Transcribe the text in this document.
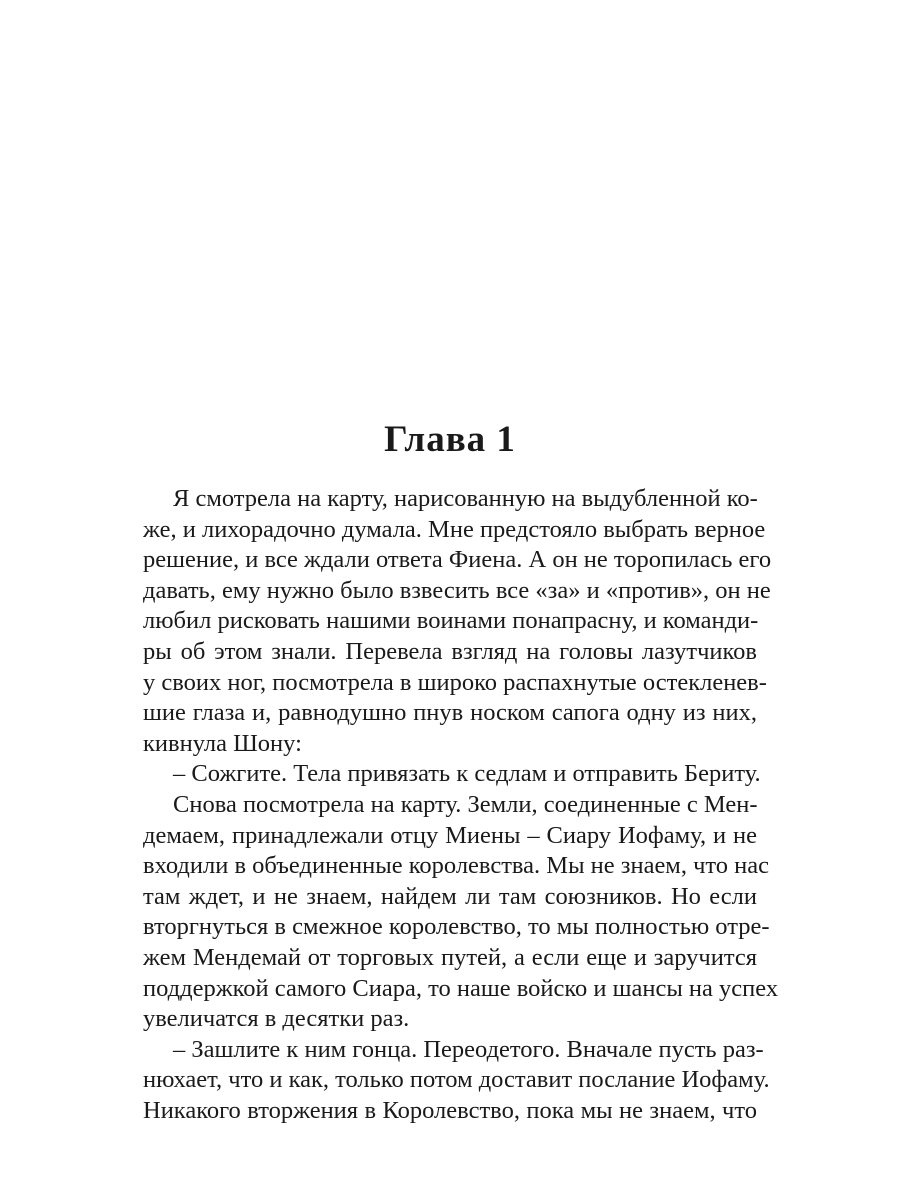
Глава 1
Я смотрела на карту, нарисованную на выдубленной ко-
же, и лихорадочно думала. Мне предстояло выбрать верное
решение, и все ждали ответа Фиена. А он не торопилась его
давать, ему нужно было взвесить все «за» и «против», он не
любил рисковать нашими воинами понапрасну, и команди-
ры об этом знали. Перевела взгляд на головы лазутчиков
у своих ног, посмотрела в широко распахнутые остекленев-
шие глаза и, равнодушно пнув носком сапога одну из них,
кивнула Шону:
– Сожгите. Тела привязать к седлам и отправить Бериту.
Снова посмотрела на карту. Земли, соединенные с Мен-
демаем, принадлежали отцу Миены – Сиару Иофаму, и не
входили в объединенные королевства. Мы не знаем, что нас
там ждет, и не знаем, найдем ли там союзников. Но если
вторгнуться в смежное королевство, то мы полностью отре-
жем Мендемай от торговых путей, а если еще и заручится
поддержкой самого Сиара, то наше войско и шансы на успех
увеличатся в десятки раз.
– Зашлите к ним гонца. Переодетого. Вначале пусть раз-
нюхает, что и как, только потом доставит послание Иофаму.
Никакого вторжения в Королевство, пока мы не знаем, что
